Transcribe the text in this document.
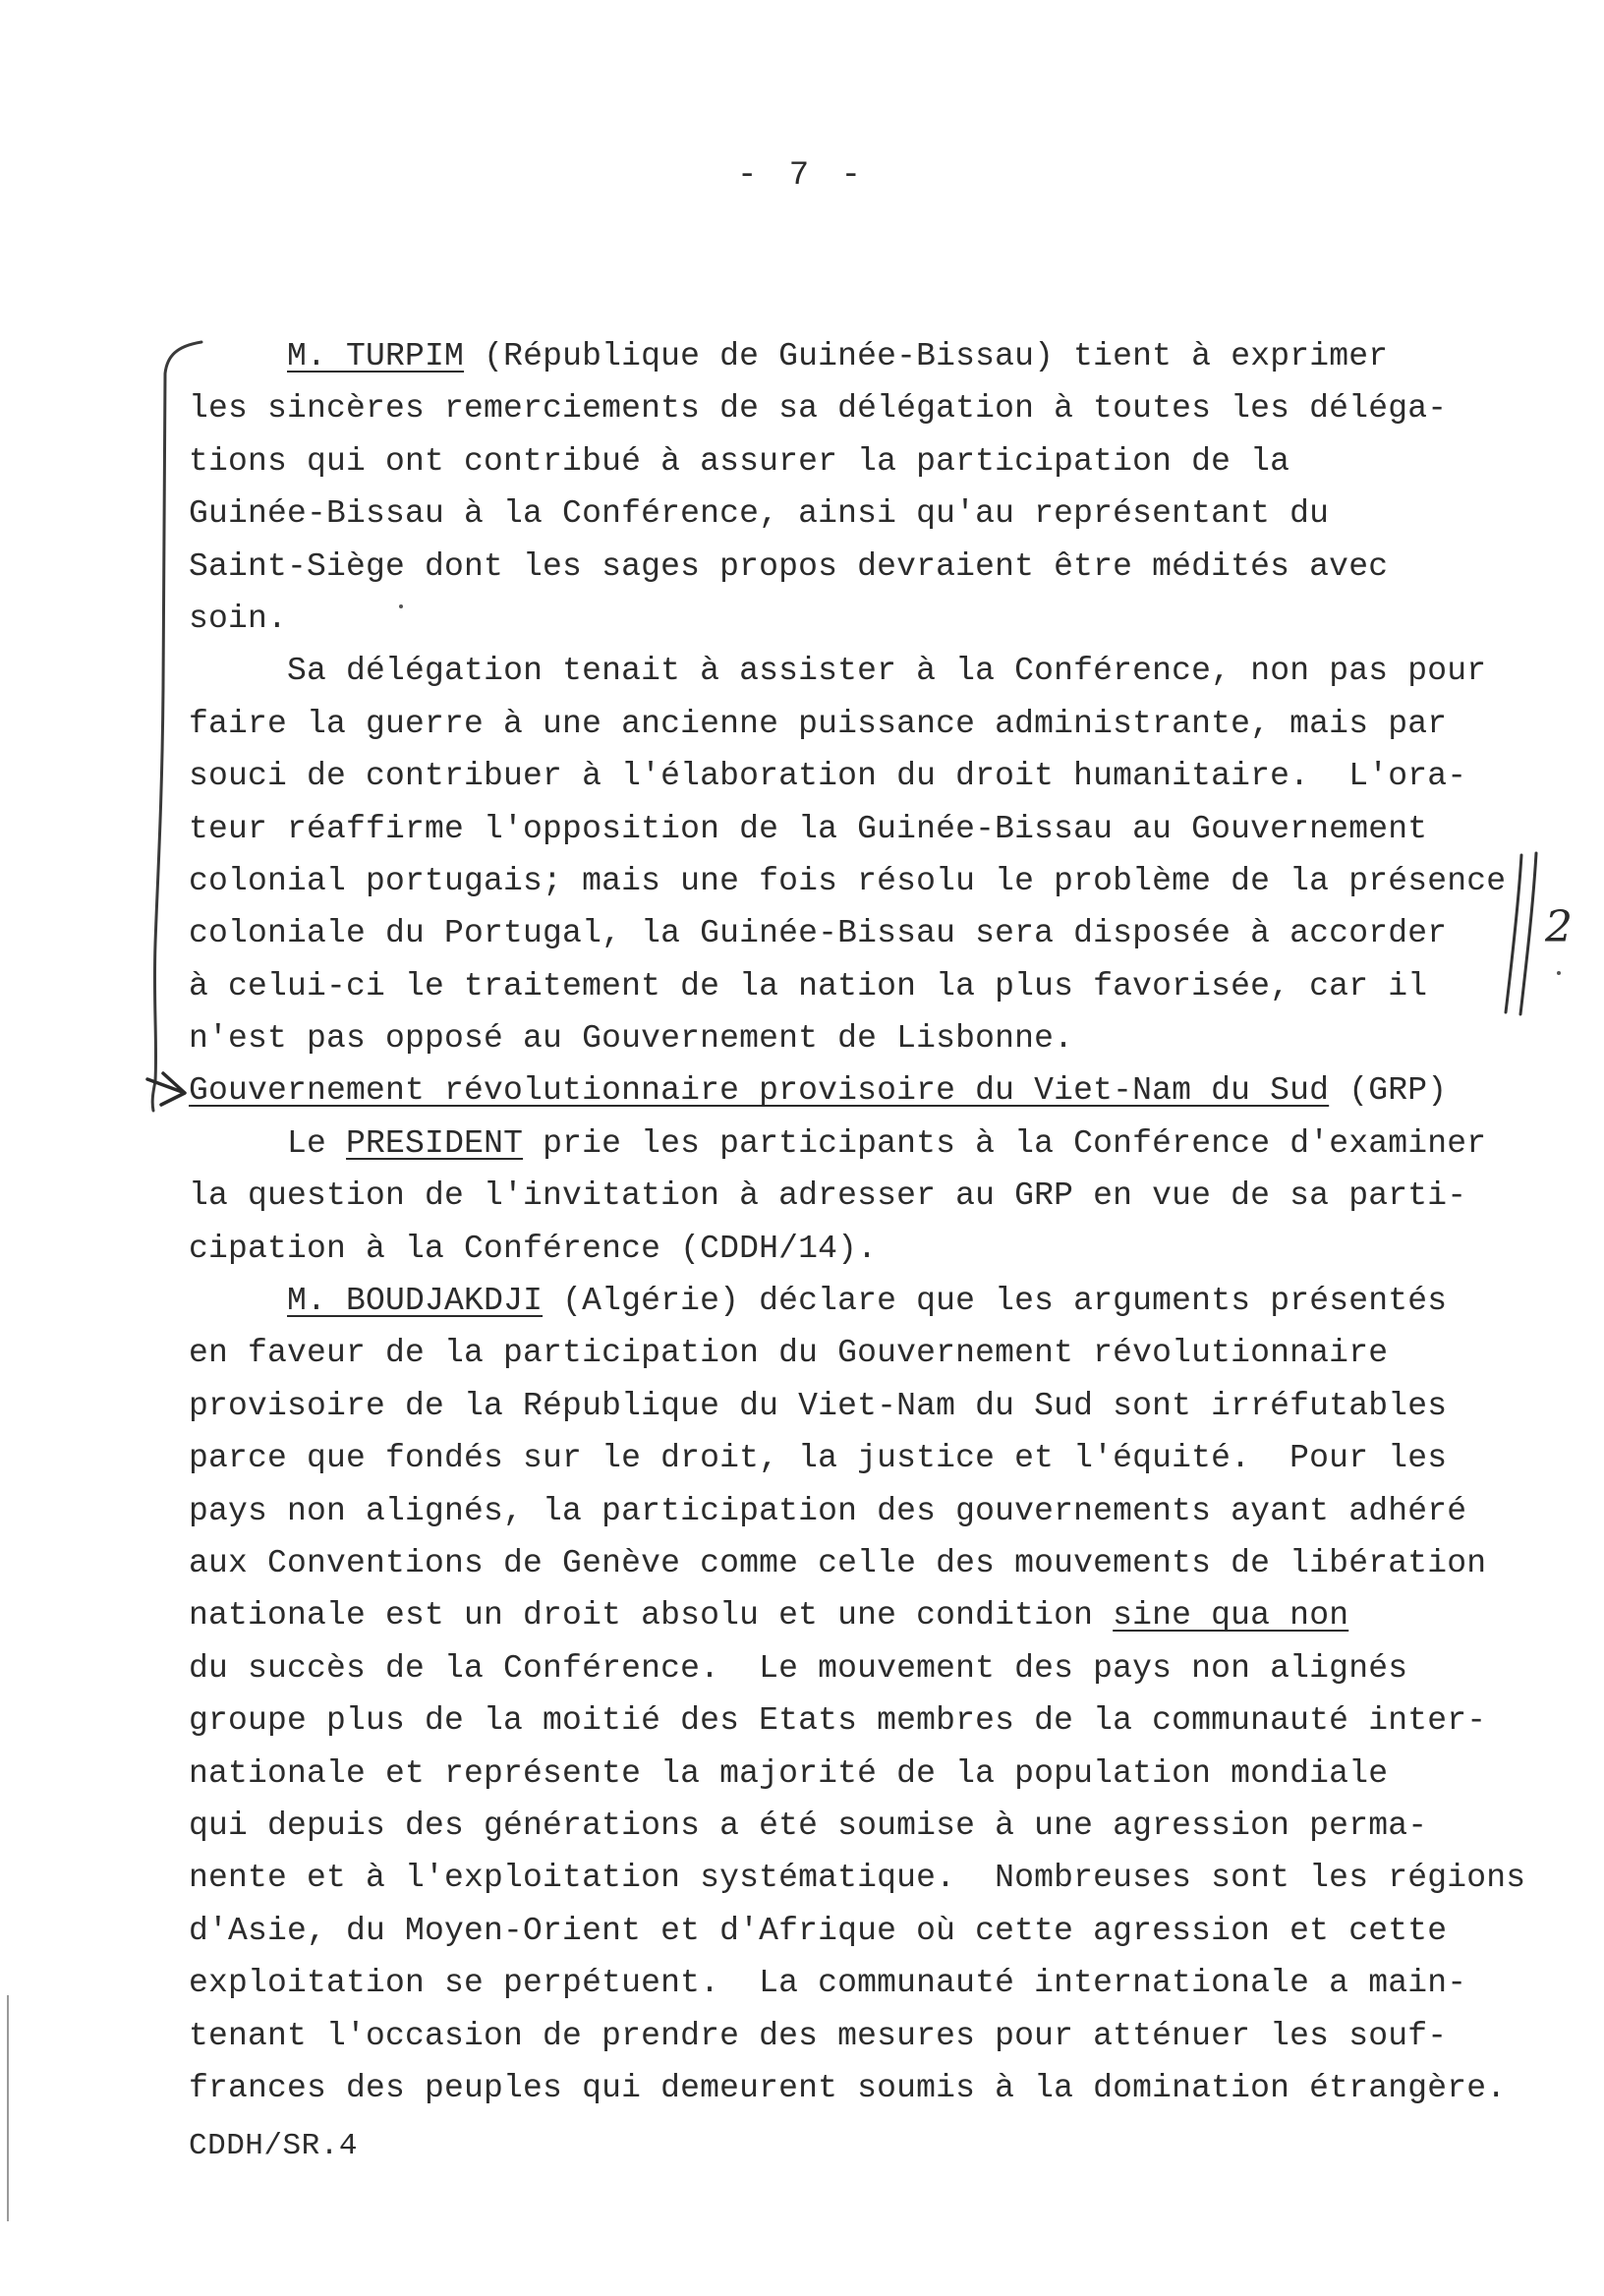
- 7 -
M. TURPIM (République de Guinée-Bissau) tient à exprimer
les sincères remerciements de sa délégation à toutes les déléga-
tions qui ont contribué à assurer la participation de la
Guinée-Bissau à la Conférence, ainsi qu'au représentant du
Saint-Siège dont les sages propos devraient être médités avec
soin.
Sa délégation tenait à assister à la Conférence, non pas pour
faire la guerre à une ancienne puissance administrante, mais par
souci de contribuer à l'élaboration du droit humanitaire.  L'ora-
teur réaffirme l'opposition de la Guinée-Bissau au Gouvernement
colonial portugais; mais une fois résolu le problème de la présence
coloniale du Portugal, la Guinée-Bissau sera disposée à accorder
à celui-ci le traitement de la nation la plus favorisée, car il
n'est pas opposé au Gouvernement de Lisbonne.
Gouvernement révolutionnaire provisoire du Viet-Nam du Sud (GRP)
Le PRESIDENT prie les participants à la Conférence d'examiner
la question de l'invitation à adresser au GRP en vue de sa parti-
cipation à la Conférence (CDDH/14).
M. BOUDJAKDJI (Algérie) déclare que les arguments présentés
en faveur de la participation du Gouvernement révolutionnaire
provisoire de la République du Viet-Nam du Sud sont irréfutables
parce que fondés sur le droit, la justice et l'équité.  Pour les
pays non alignés, la participation des gouvernements ayant adhéré
aux Conventions de Genève comme celle des mouvements de libération
nationale est un droit absolu et une condition sine qua non
du succès de la Conférence.  Le mouvement des pays non alignés
groupe plus de la moitié des Etats membres de la communauté inter-
nationale et représente la majorité de la population mondiale
qui depuis des générations a été soumise à une agression perma-
nente et à l'exploitation systématique.  Nombreuses sont les régions
d'Asie, du Moyen-Orient et d'Afrique où cette agression et cette
exploitation se perpétuent.  La communauté internationale a main-
tenant l'occasion de prendre des mesures pour atténuer les souf-
frances des peuples qui demeurent soumis à la domination étrangère.
CDDH/SR.4
2
